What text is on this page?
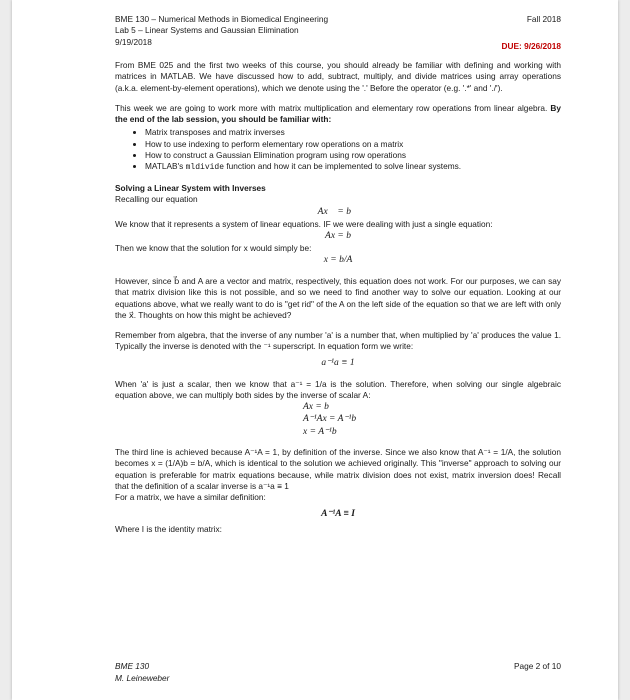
BME 130 – Numerical Methods in Biomedical Engineering
Lab 5 – Linear Systems and Gaussian Elimination
9/19/2018
Fall 2018
DUE: 9/26/2018

From BME 025 and the first two weeks of this course, you should already be familiar with defining and working with matrices in MATLAB. We have discussed how to add, subtract, multiply, and divide matrices using array operations (a.k.a. element-by-element operations), which we denote using the '.' Before the operator (e.g. '.*' and './').

This week we are going to work more with matrix multiplication and elementary row operations from linear algebra. By the end of the lab session, you should be familiar with:

• Matrix transposes and matrix inverses
• How to use indexing to perform elementary row operations on a matrix
• How to construct a Gaussian Elimination program using row operations
• MATLAB's mldivide function and how it can be implemented to solve linear systems.

Solving a Linear System with Inverses

Recalling our equation

Ax⃗ = b⃗

We know that it represents a system of linear equations. IF we were dealing with just a single equation:

Ax = b

Then we know that the solution for x would simply be:

x = b/A

However, since b⃗ and A are a vector and matrix, respectively, this equation does not work. For our purposes, we can say that matrix division like this is not possible, and so we need to find another way to solve our equation. Looking at our equations above, what we really want to do is "get rid" of the A on the left side of the equation so that we are left with only the x⃗. Thoughts on how this might be achieved?

Remember from algebra, that the inverse of any number 'a' is a number that, when multiplied by 'a' produces the value 1. Typically the inverse is denoted with the ⁻¹ superscript. In equation form we write:

a⁻¹a ≡ 1

When 'a' is just a scalar, then we know that a⁻¹ = 1/a is the solution. Therefore, when solving our single algebraic equation above, we can multiply both sides by the inverse of scalar A:

Ax = b
A⁻¹Ax = A⁻¹b
x = A⁻¹b

The third line is achieved because A⁻¹A = 1, by definition of the inverse. Since we also know that A⁻¹ = 1/A, the solution becomes x = (1/A)b = b/A, which is identical to the solution we achieved originally. This "inverse" approach to solving our equation is preferable for matrix equations because, while matrix division does not exist, matrix inversion does! Recall that the definition of a scalar inverse is a⁻¹a ≡ 1

For a matrix, we have a similar definition:

A⁻¹A ≡ I

Where I is the identity matrix:

BME 130
M. Leineweber
Page 2 of 10
